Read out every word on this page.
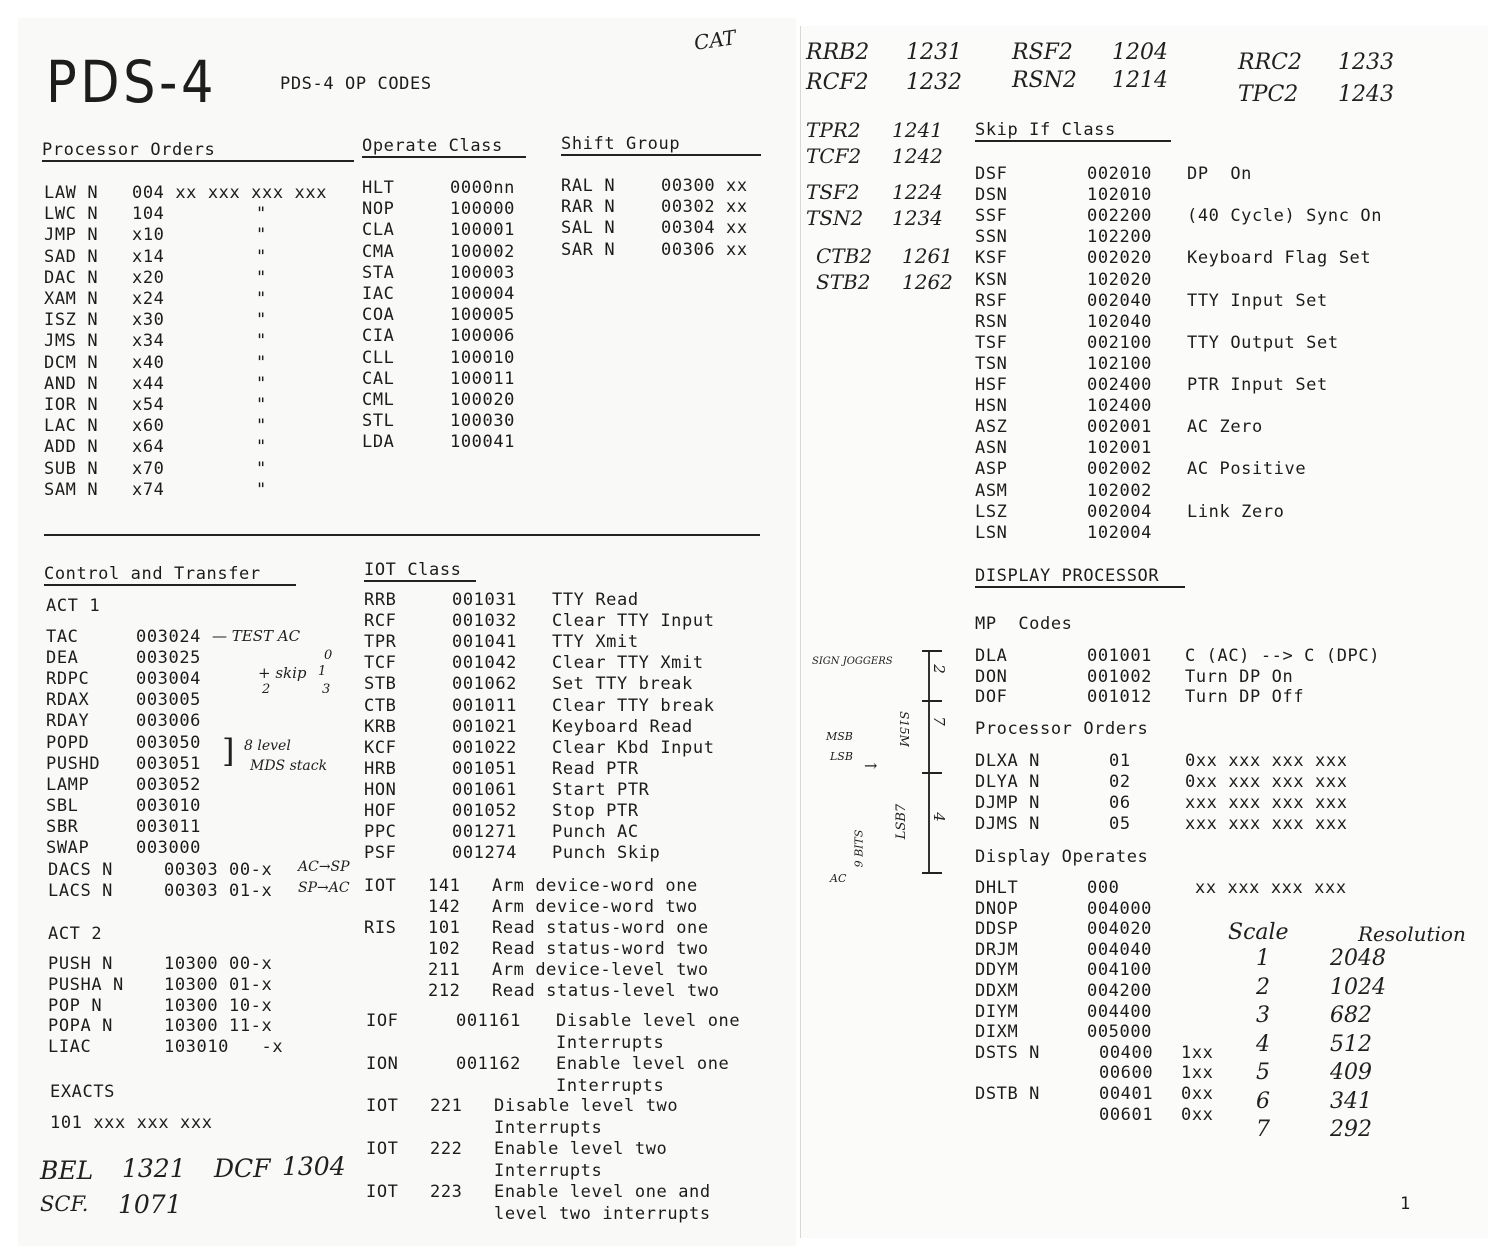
PDS-4	PDS-4 OP CODES
CAT
Processor Orders	Operate Class	Shift Group
LAW N 004 xx xxx xxx xxx
LWC N 104	"
JMP N x10	"
SAD N x14	"
DAC N x20	"
XAM N x24	"
ISZ N x30	"
JMS N x34	"
DCM N x40	"
AND N x44	"
IOR N x54	"
LAC N x60	"
ADD N x64	"
SUB N x70	"
SAM N x74	"
HLT	0000nn
NOP	100000
CLA	100001
CMA	100002
STA	100003
IAC	100004
COA	100005
CIA	100006
CLL	100010
CAL	100011
CML	100020
STL	100030
LDA	100041
RAL N	00300 xx
RAR N	00302 xx
SAL N	00304 xx
SAR N	00306 xx
Control and Transfer
ACT 1
TAC	003024
DEA	003025
RDPC	003004
RDAX	003005
RDAY	003006
POPD	003050
PUSHD 003051
LAMP	003052
SBL	003010
SBR	003011
SWAP	003000
DACS N	00303 00-x
LACS N	00303 01-x
ACT 2
PUSH N	10300 00-x
PUSHA N 10300 01-x
POP N	10300 10-x
POPA N	10300 11-x
LIAC	103010   -x
EXACTS
101 xxx xxx xxx
IOT Class
RRB	001031 TTY Read
RCF	001032 Clear TTY Input
TPR	001041 TTY Xmit
TCF	001042 Clear TTY Xmit
STB	001062 Set TTY break
CTB	001011 Clear TTY break
KRB	001021 Keyboard Read
KCF	001022 Clear Kbd Input
HRB	001051 Read PTR
HON	001061 Start PTR
HOF	001052 Stop PTR
PPC	001271 Punch AC
PSF	001274 Punch Skip
IOT 141 Arm device-word one
142 Arm device-word two
RIS 101 Read status-word one
102 Read status-word two
211 Arm device-level two
212 Read status-level two
IOF	001161 Disable level one
Interrupts
ION	001162 Enable level one
Interrupts
IOT 221 Disable level two
Interrupts
IOT 222 Enable level two
Interrupts
IOT 223 Enable level one and
level two interrupts
— TEST AC
0
+ skip 1
2	3
] 8 level
MDS stack
AC→SP
SP→AC
BEL 1321 DCF 1304
SCF. 1071
RRB2 1231 RSF2 1204	RRC2 1233
RCF2 1232 RSN2 1214
TPC2 1243
TPR2 1241
TCF2 1242
TSF2 1224
TSN2 1234
CTB2 1261
STB2 1262
Skip If Class
DSF	002010 DP  On
DSN	102010
SSF	002200 (40 Cycle) Sync On
SSN	102200
KSF	002020 Keyboard Flag Set
KSN	102020
RSF	002040 TTY Input Set
RSN	102040
TSF	002100 TTY Output Set
TSN	102100
HSF	002400 PTR Input Set
HSN	102400
ASZ	002001 AC Zero
ASN	102001
ASP	002002 AC Positive
ASM	102002
LSZ	002004 Link Zero
LSN	102004
DISPLAY PROCESSOR
MP  Codes
DLA	001001 C (AC) --> C (DPC)
DON	001002 Turn DP On
DOF	001012 Turn DP Off
Processor Orders
DLXA N	01	0xx xxx xxx xxx
DLYA N	02	0xx xxx xxx xxx
DJMP N	06	xxx xxx xxx xxx
DJMS N	05	xxx xxx xxx xxx
Display Operates
DHLT	000	xx xxx xxx xxx
DNOP	004000
DDSP	004020
DRJM	004040
DDYM	004100
DDXM	004200
DIYM	004400
DIXM	005000
DSTS N	00400 1xx
00600 1xx
DSTB N	00401 0xx
00601 0xx
Scale	Resolution
1	2048
2	1024
3	682
4	512
5	409
6	341
7	292
2
7
4
S15M
LSB7
9 BITS
SIGN JOGGERS
MSB
LSB →
AC
1
